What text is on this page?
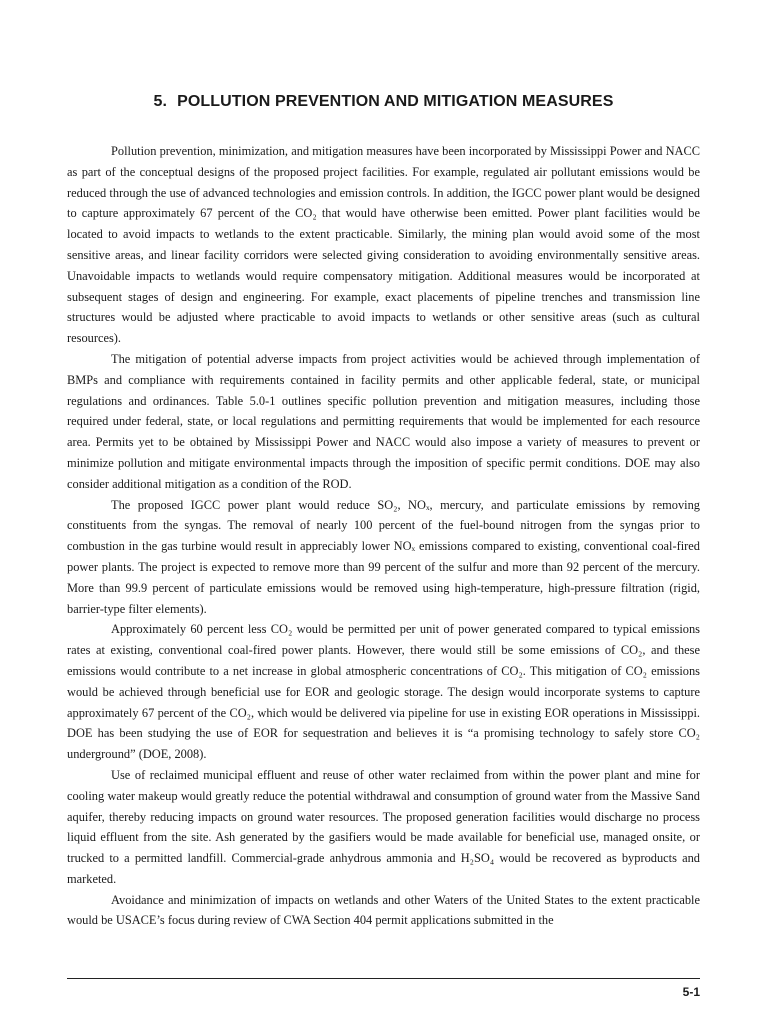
5. POLLUTION PREVENTION AND MITIGATION MEASURES

Pollution prevention, minimization, and mitigation measures have been incorporated by Mississippi Power and NACC as part of the conceptual designs of the proposed project facilities. For example, regulated air pollutant emissions would be reduced through the use of advanced technologies and emission controls. In addition, the IGCC power plant would be designed to capture approximately 67 percent of the CO₂ that would have otherwise been emitted. Power plant facilities would be located to avoid impacts to wetlands to the extent practicable. Similarly, the mining plan would avoid some of the most sensitive areas, and linear facility corridors were selected giving consideration to avoiding environmentally sensitive areas. Unavoidable impacts to wetlands would require compensatory mitigation. Additional measures would be incorporated at subsequent stages of design and engineering. For example, exact placements of pipeline trenches and transmission line structures would be adjusted where practicable to avoid impacts to wetlands or other sensitive areas (such as cultural resources).

The mitigation of potential adverse impacts from project activities would be achieved through implementation of BMPs and compliance with requirements contained in facility permits and other applicable federal, state, or municipal regulations and ordinances. Table 5.0-1 outlines specific pollution prevention and mitigation measures, including those required under federal, state, or local regulations and permitting requirements that would be implemented for each resource area. Permits yet to be obtained by Mississippi Power and NACC would also impose a variety of measures to prevent or minimize pollution and mitigate environmental impacts through the imposition of specific permit conditions. DOE may also consider additional mitigation as a condition of the ROD.

The proposed IGCC power plant would reduce SO₂, NOₓ, mercury, and particulate emissions by removing constituents from the syngas. The removal of nearly 100 percent of the fuel-bound nitrogen from the syngas prior to combustion in the gas turbine would result in appreciably lower NOₓ emissions compared to existing, conventional coal-fired power plants. The project is expected to remove more than 99 percent of the sulfur and more than 92 percent of the mercury. More than 99.9 percent of particulate emissions would be removed using high-temperature, high-pressure filtration (rigid, barrier-type filter elements).

Approximately 60 percent less CO₂ would be permitted per unit of power generated compared to typical emissions rates at existing, conventional coal-fired power plants. However, there would still be some emissions of CO₂, and these emissions would contribute to a net increase in global atmospheric concentrations of CO₂. This mitigation of CO₂ emissions would be achieved through beneficial use for EOR and geologic storage. The design would incorporate systems to capture approximately 67 percent of the CO₂, which would be delivered via pipeline for use in existing EOR operations in Mississippi. DOE has been studying the use of EOR for sequestration and believes it is “a promising technology to safely store CO₂ underground” (DOE, 2008).

Use of reclaimed municipal effluent and reuse of other water reclaimed from within the power plant and mine for cooling water makeup would greatly reduce the potential withdrawal and consumption of ground water from the Massive Sand aquifer, thereby reducing impacts on ground water resources. The proposed generation facilities would discharge no process liquid effluent from the site. Ash generated by the gasifiers would be made available for beneficial use, managed onsite, or trucked to a permitted landfill. Commercial-grade anhydrous ammonia and H₂SO₄ would be recovered as byproducts and marketed.

Avoidance and minimization of impacts on wetlands and other Waters of the United States to the extent practicable would be USACE’s focus during review of CWA Section 404 permit applications submitted in the

5-1
